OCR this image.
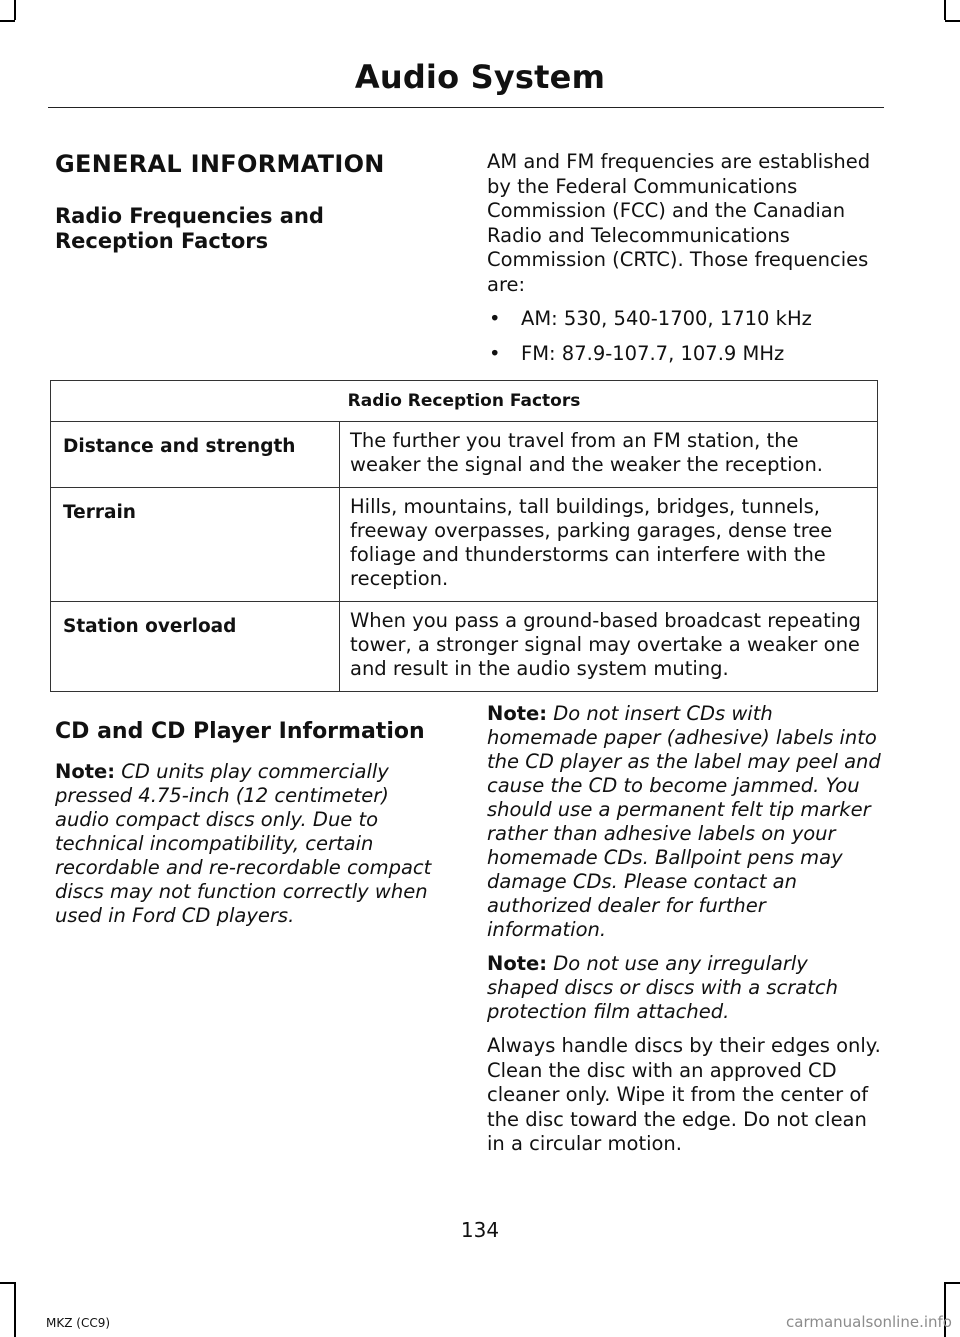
Audio System
GENERAL INFORMATION
Radio Frequencies and
Reception Factors

AM and FM frequencies are established by the Federal Communications Commission (FCC) and the Canadian Radio and Telecommunications Commission (CRTC). Those frequencies are:

• AM: 530, 540-1700, 1710 kHz
• FM: 87.9-107.7, 107.9 MHz
Radio Reception Factors	
Distance and strength	The further you travel from an FM station, the weaker the signal and the weaker the reception.
Terrain	Hills, mountains, tall buildings, bridges, tunnels, freeway overpasses, parking garages, dense tree foliage and thunderstorms can interfere with the reception.
Station overload	When you pass a ground-based broadcast repeating tower, a stronger signal may overtake a weaker one and result in the audio system muting.
CD and CD Player Information

Note: CD units play commercially pressed 4.75-inch (12 centimeter) audio compact discs only. Due to technical incompatibility, certain recordable and re-recordable compact discs may not function correctly when used in Ford CD players.

Note: Do not insert CDs with homemade paper (adhesive) labels into the CD player as the label may peel and cause the CD to become jammed. You should use a permanent felt tip marker rather than adhesive labels on your homemade CDs. Ballpoint pens may damage CDs. Please contact an authorized dealer for further information.

Note: Do not use any irregularly shaped discs or discs with a scratch protection film attached.

Always handle discs by their edges only. Clean the disc with an approved CD cleaner only. Wipe it from the center of the disc toward the edge. Do not clean in a circular motion.

134
MKZ (CC9)	carmanualsonline.info
